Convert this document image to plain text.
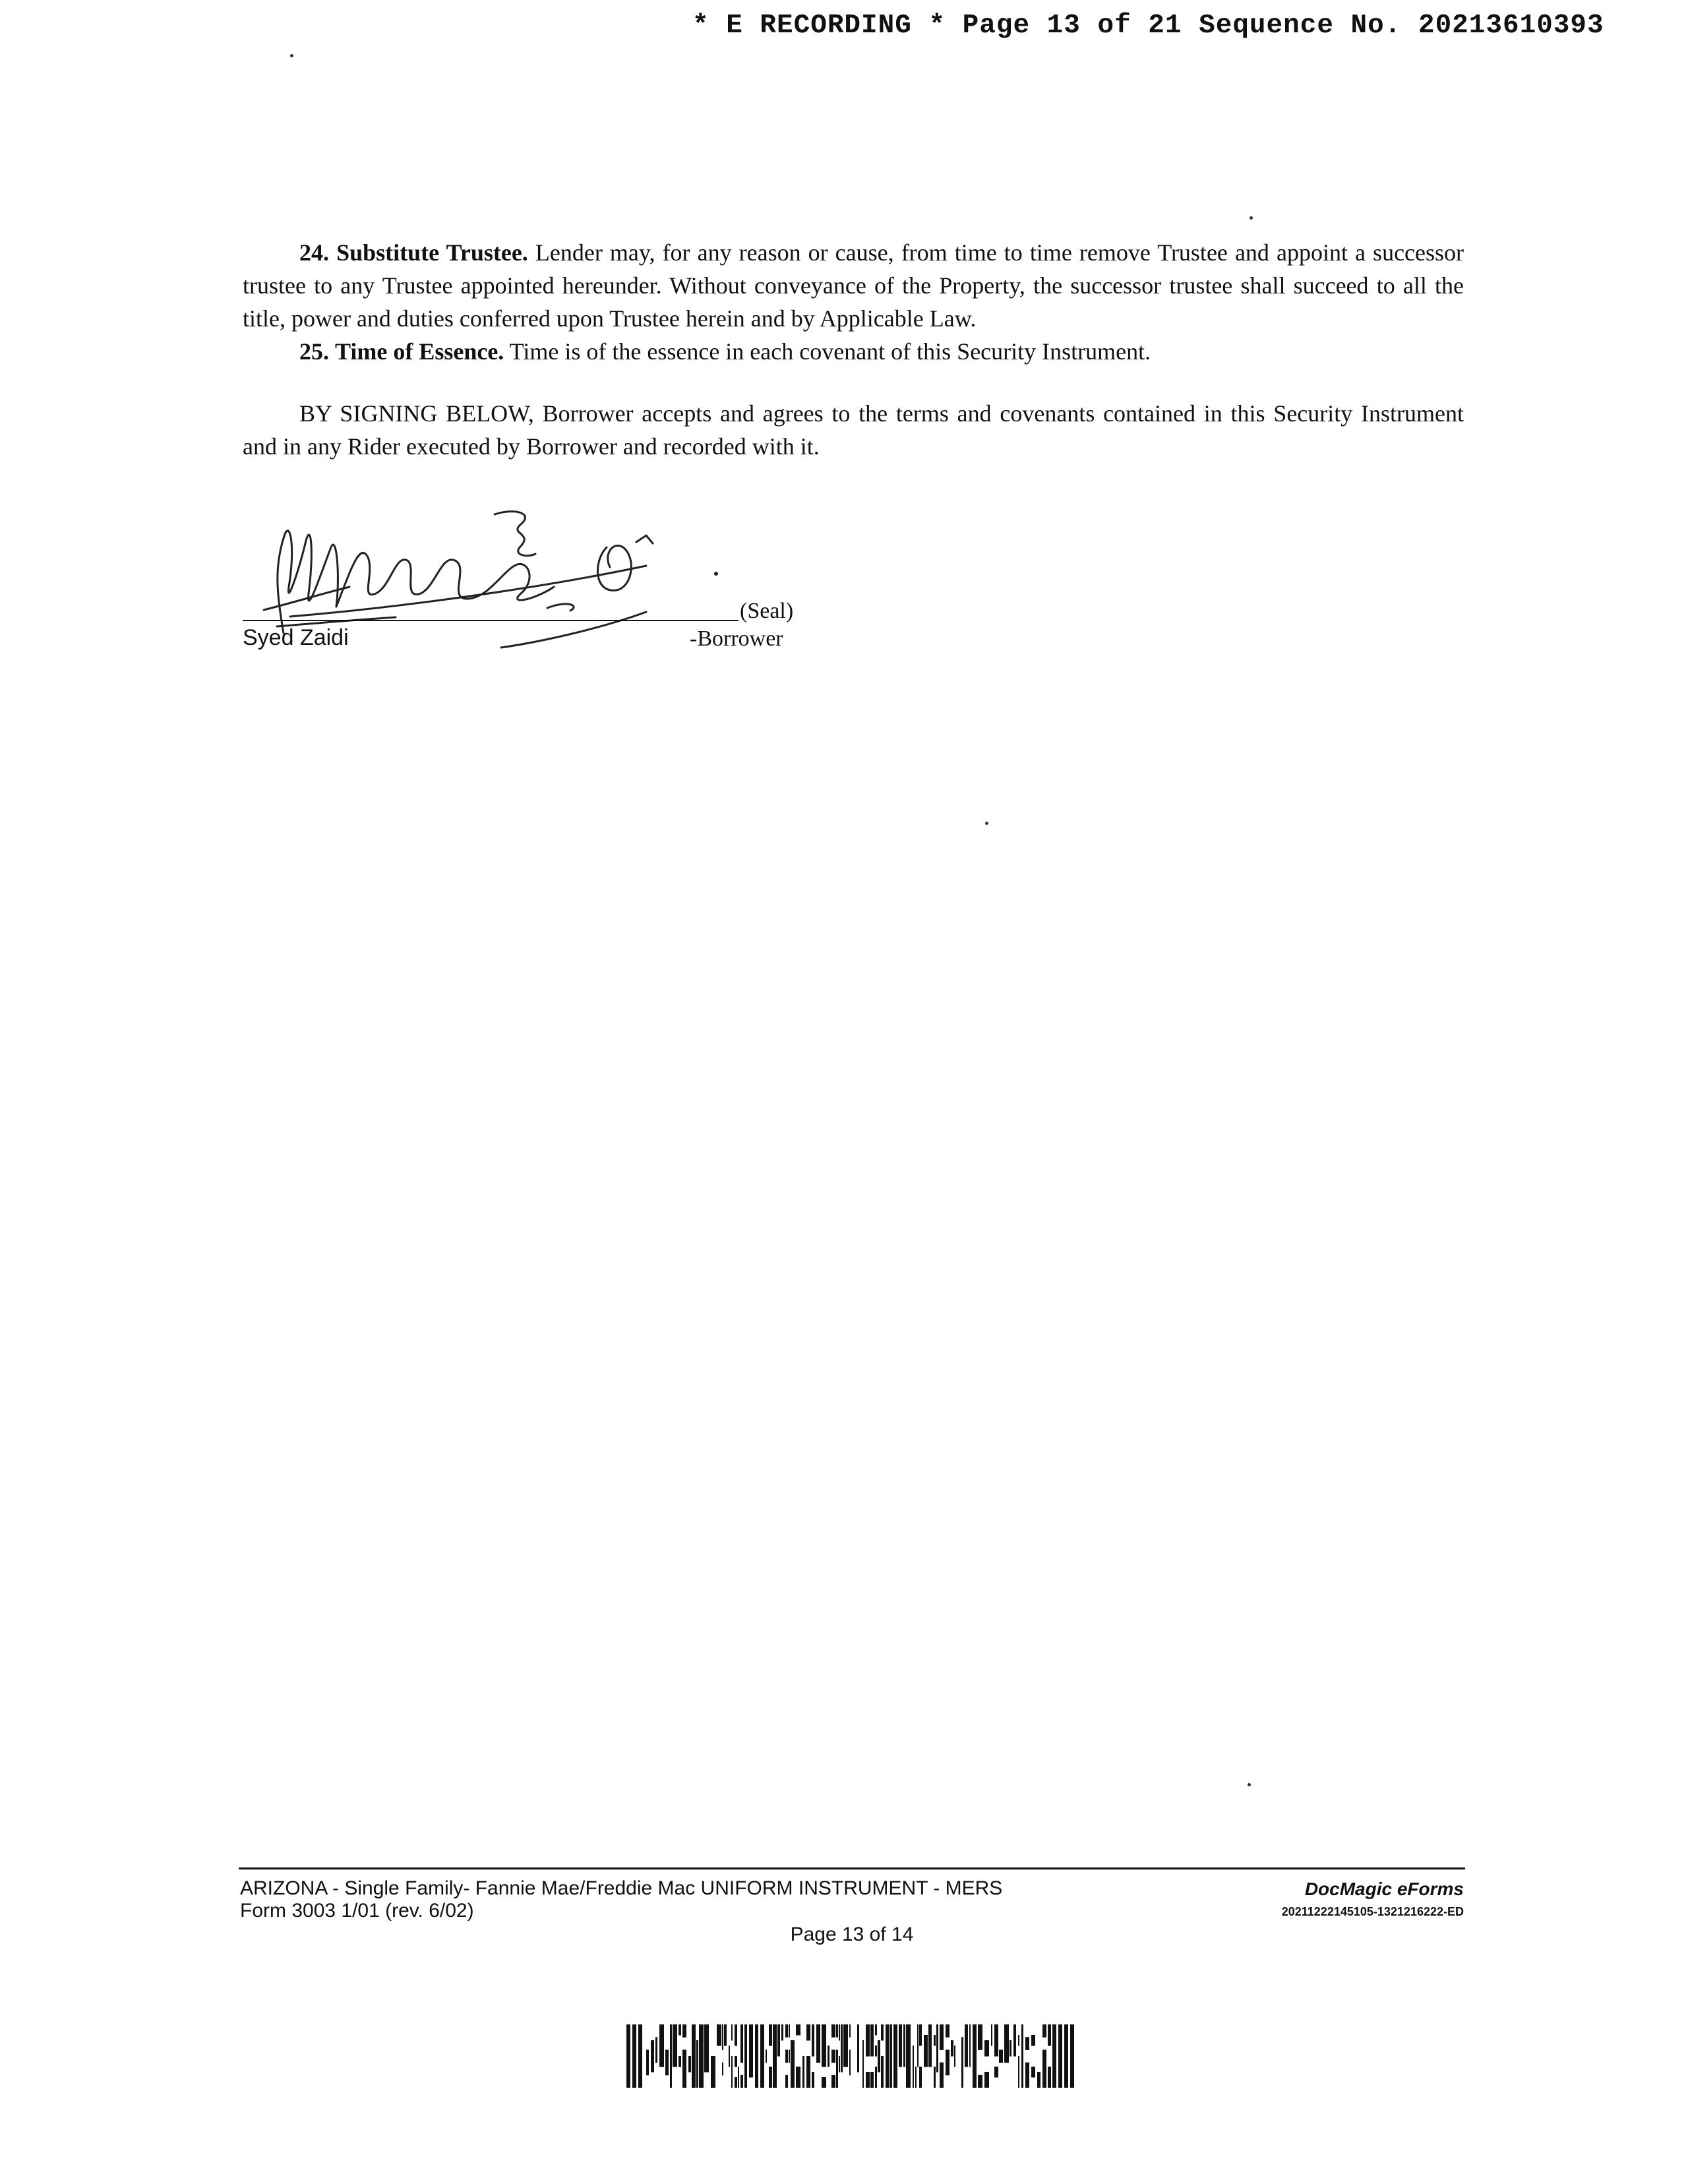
* E RECORDING * Page 13 of 21 Sequence No. 20213610393

24. Substitute Trustee. Lender may, for any reason or cause, from time to time remove Trustee and appoint a successor trustee to any Trustee appointed hereunder. Without conveyance of the Property, the successor trustee shall succeed to all the title, power and duties conferred upon Trustee herein and by Applicable Law.

25. Time of Essence. Time is of the essence in each covenant of this Security Instrument.

BY SIGNING BELOW, Borrower accepts and agrees to the terms and covenants contained in this Security Instrument and in any Rider executed by Borrower and recorded with it.

(Seal)
Syed Zaidi	-Borrower
ARIZONA - Single Family- Fannie Mae/Freddie Mac UNIFORM INSTRUMENT - MERS
Form 3003 1/01 (rev. 6/02)
DocMagic eForms
20211222145105-1321216222-ED
Page 13 of 14
